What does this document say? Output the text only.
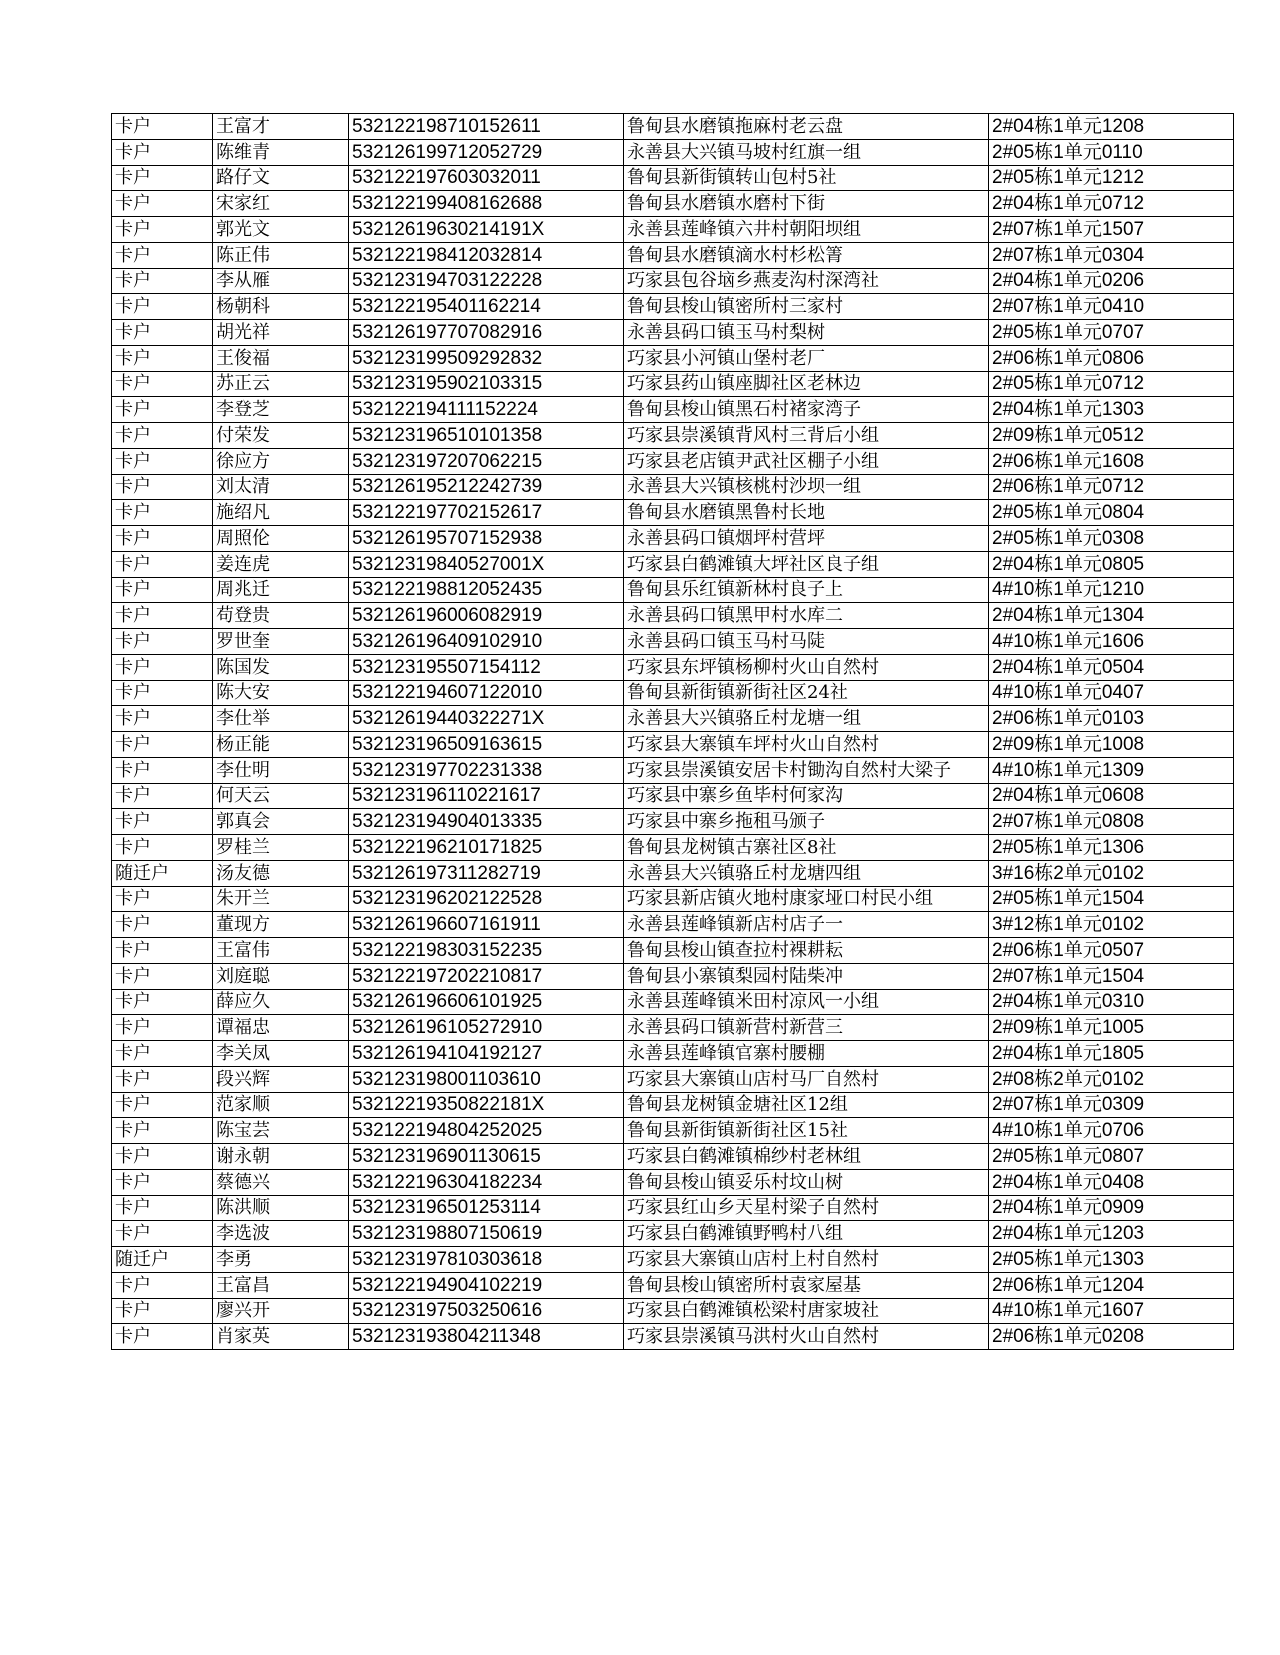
卡户	王富才	532122198710152611	鲁甸县水磨镇拖麻村老云盘	2#04栋1单元1208
卡户	陈维青	532126199712052729	永善县大兴镇马坡村红旗一组	2#05栋1单元0110
卡户	路仔文	532122197603032011	鲁甸县新街镇转山包村5社	2#05栋1单元1212
卡户	宋家红	532122199408162688	鲁甸县水磨镇水磨村下街	2#04栋1单元0712
卡户	郭光文	53212619630214191X	永善县莲峰镇六井村朝阳坝组	2#07栋1单元1507
卡户	陈正伟	532122198412032814	鲁甸县水磨镇滴水村杉松箐	2#07栋1单元0304
卡户	李从雁	532123194703122228	巧家县包谷垴乡燕麦沟村深湾社	2#04栋1单元0206
卡户	杨朝科	532122195401162214	鲁甸县梭山镇密所村三家村	2#07栋1单元0410
卡户	胡光祥	532126197707082916	永善县码口镇玉马村梨树	2#05栋1单元0707
卡户	王俊福	532123199509292832	巧家县小河镇山堡村老厂	2#06栋1单元0806
卡户	苏正云	532123195902103315	巧家县药山镇座脚社区老林边	2#05栋1单元0712
卡户	李登芝	532122194111152224	鲁甸县梭山镇黑石村褚家湾子	2#04栋1单元1303
卡户	付荣发	532123196510101358	巧家县崇溪镇背风村三背后小组	2#09栋1单元0512
卡户	徐应方	532123197207062215	巧家县老店镇尹武社区棚子小组	2#06栋1单元1608
卡户	刘太清	532126195212242739	永善县大兴镇核桃村沙坝一组	2#06栋1单元0712
卡户	施绍凡	532122197702152617	鲁甸县水磨镇黑鲁村长地	2#05栋1单元0804
卡户	周照伦	532126195707152938	永善县码口镇烟坪村营坪	2#05栋1单元0308
卡户	姜连虎	53212319840527001X	巧家县白鹤滩镇大坪社区良子组	2#04栋1单元0805
卡户	周兆迁	532122198812052435	鲁甸县乐红镇新林村良子上	4#10栋1单元1210
卡户	苟登贵	532126196006082919	永善县码口镇黑甲村水库二	2#04栋1单元1304
卡户	罗世奎	532126196409102910	永善县码口镇玉马村马陡	4#10栋1单元1606
卡户	陈国发	532123195507154112	巧家县东坪镇杨柳村火山自然村	2#04栋1单元0504
卡户	陈大安	532122194607122010	鲁甸县新街镇新街社区24社	4#10栋1单元0407
卡户	李仕举	53212619440322271X	永善县大兴镇骆丘村龙塘一组	2#06栋1单元0103
卡户	杨正能	532123196509163615	巧家县大寨镇车坪村火山自然村	2#09栋1单元1008
卡户	李仕明	532123197702231338	巧家县崇溪镇安居卡村锄沟自然村大梁子	4#10栋1单元1309
卡户	何天云	532123196110221617	巧家县中寨乡鱼毕村何家沟	2#04栋1单元0608
卡户	郭真会	532123194904013335	巧家县中寨乡拖租马颁子	2#07栋1单元0808
卡户	罗桂兰	532122196210171825	鲁甸县龙树镇古寨社区8社	2#05栋1单元1306
随迁户	汤友德	532126197311282719	永善县大兴镇骆丘村龙塘四组	3#16栋2单元0102
卡户	朱开兰	532123196202122528	巧家县新店镇火地村康家垭口村民小组	2#05栋1单元1504
卡户	董现方	532126196607161911	永善县莲峰镇新店村店子一	3#12栋1单元0102
卡户	王富伟	532122198303152235	鲁甸县梭山镇查拉村裸耕耘	2#06栋1单元0507
卡户	刘庭聪	532122197202210817	鲁甸县小寨镇梨园村陆柴冲	2#07栋1单元1504
卡户	薛应久	532126196606101925	永善县莲峰镇米田村凉风一小组	2#04栋1单元0310
卡户	谭福忠	532126196105272910	永善县码口镇新营村新营三	2#09栋1单元1005
卡户	李关凤	532126194104192127	永善县莲峰镇官寨村腰棚	2#04栋1单元1805
卡户	段兴辉	532123198001103610	巧家县大寨镇山店村马厂自然村	2#08栋2单元0102
卡户	范家顺	53212219350822181X	鲁甸县龙树镇金塘社区12组	2#07栋1单元0309
卡户	陈宝芸	532122194804252025	鲁甸县新街镇新街社区15社	4#10栋1单元0706
卡户	谢永朝	532123196901130615	巧家县白鹤滩镇棉纱村老林组	2#05栋1单元0807
卡户	蔡德兴	532122196304182234	鲁甸县梭山镇妥乐村坟山树	2#04栋1单元0408
卡户	陈洪顺	532123196501253114	巧家县红山乡天星村梁子自然村	2#04栋1单元0909
卡户	李选波	532123198807150619	巧家县白鹤滩镇野鸭村八组	2#04栋1单元1203
随迁户	李勇	532123197810303618	巧家县大寨镇山店村上村自然村	2#05栋1单元1303
卡户	王富昌	532122194904102219	鲁甸县梭山镇密所村袁家屋基	2#06栋1单元1204
卡户	廖兴开	532123197503250616	巧家县白鹤滩镇松梁村唐家坡社	4#10栋1单元1607
卡户	肖家英	532123193804211348	巧家县崇溪镇马洪村火山自然村	2#06栋1单元0208
